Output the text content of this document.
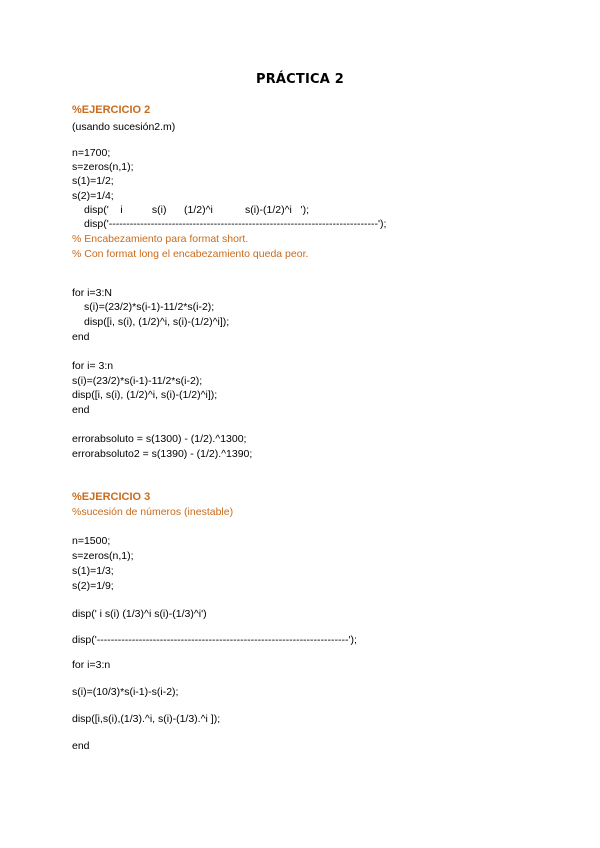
PRÁCTICA 2
%EJERCICIO 2
(usando sucesión2.m)
n=1700;
s=zeros(n,1);
s(1)=1/2;
s(2)=1/4;
disp('    i          s(i)      (1/2)^i           s(i)-(1/2)^i   ');
disp('-----------------------------------------------------------------------------');
% Encabezamiento para format short.
% Con format long el encabezamiento queda peor.
for i=3:N
s(i)=(23/2)*s(i-1)-11/2*s(i-2);
disp([i, s(i), (1/2)^i, s(i)-(1/2)^i]);
end
for i= 3:n
s(i)=(23/2)*s(i-1)-11/2*s(i-2);
disp([i, s(i), (1/2)^i, s(i)-(1/2)^i]);
end
errorabsoluto = s(1300) - (1/2).^1300;
errorabsoluto2 = s(1390) - (1/2).^1390;
%EJERCICIO 3
%sucesión de números (inestable)
n=1500;
s=zeros(n,1);
s(1)=1/3;
s(2)=1/9;
disp(' i s(i) (1/3)^i s(i)-(1/3)^i')
disp('------------------------------------------------------------------------');
for i=3:n
s(i)=(10/3)*s(i-1)-s(i-2);
disp([i,s(i),(1/3).^i, s(i)-(1/3).^i ]);
end
